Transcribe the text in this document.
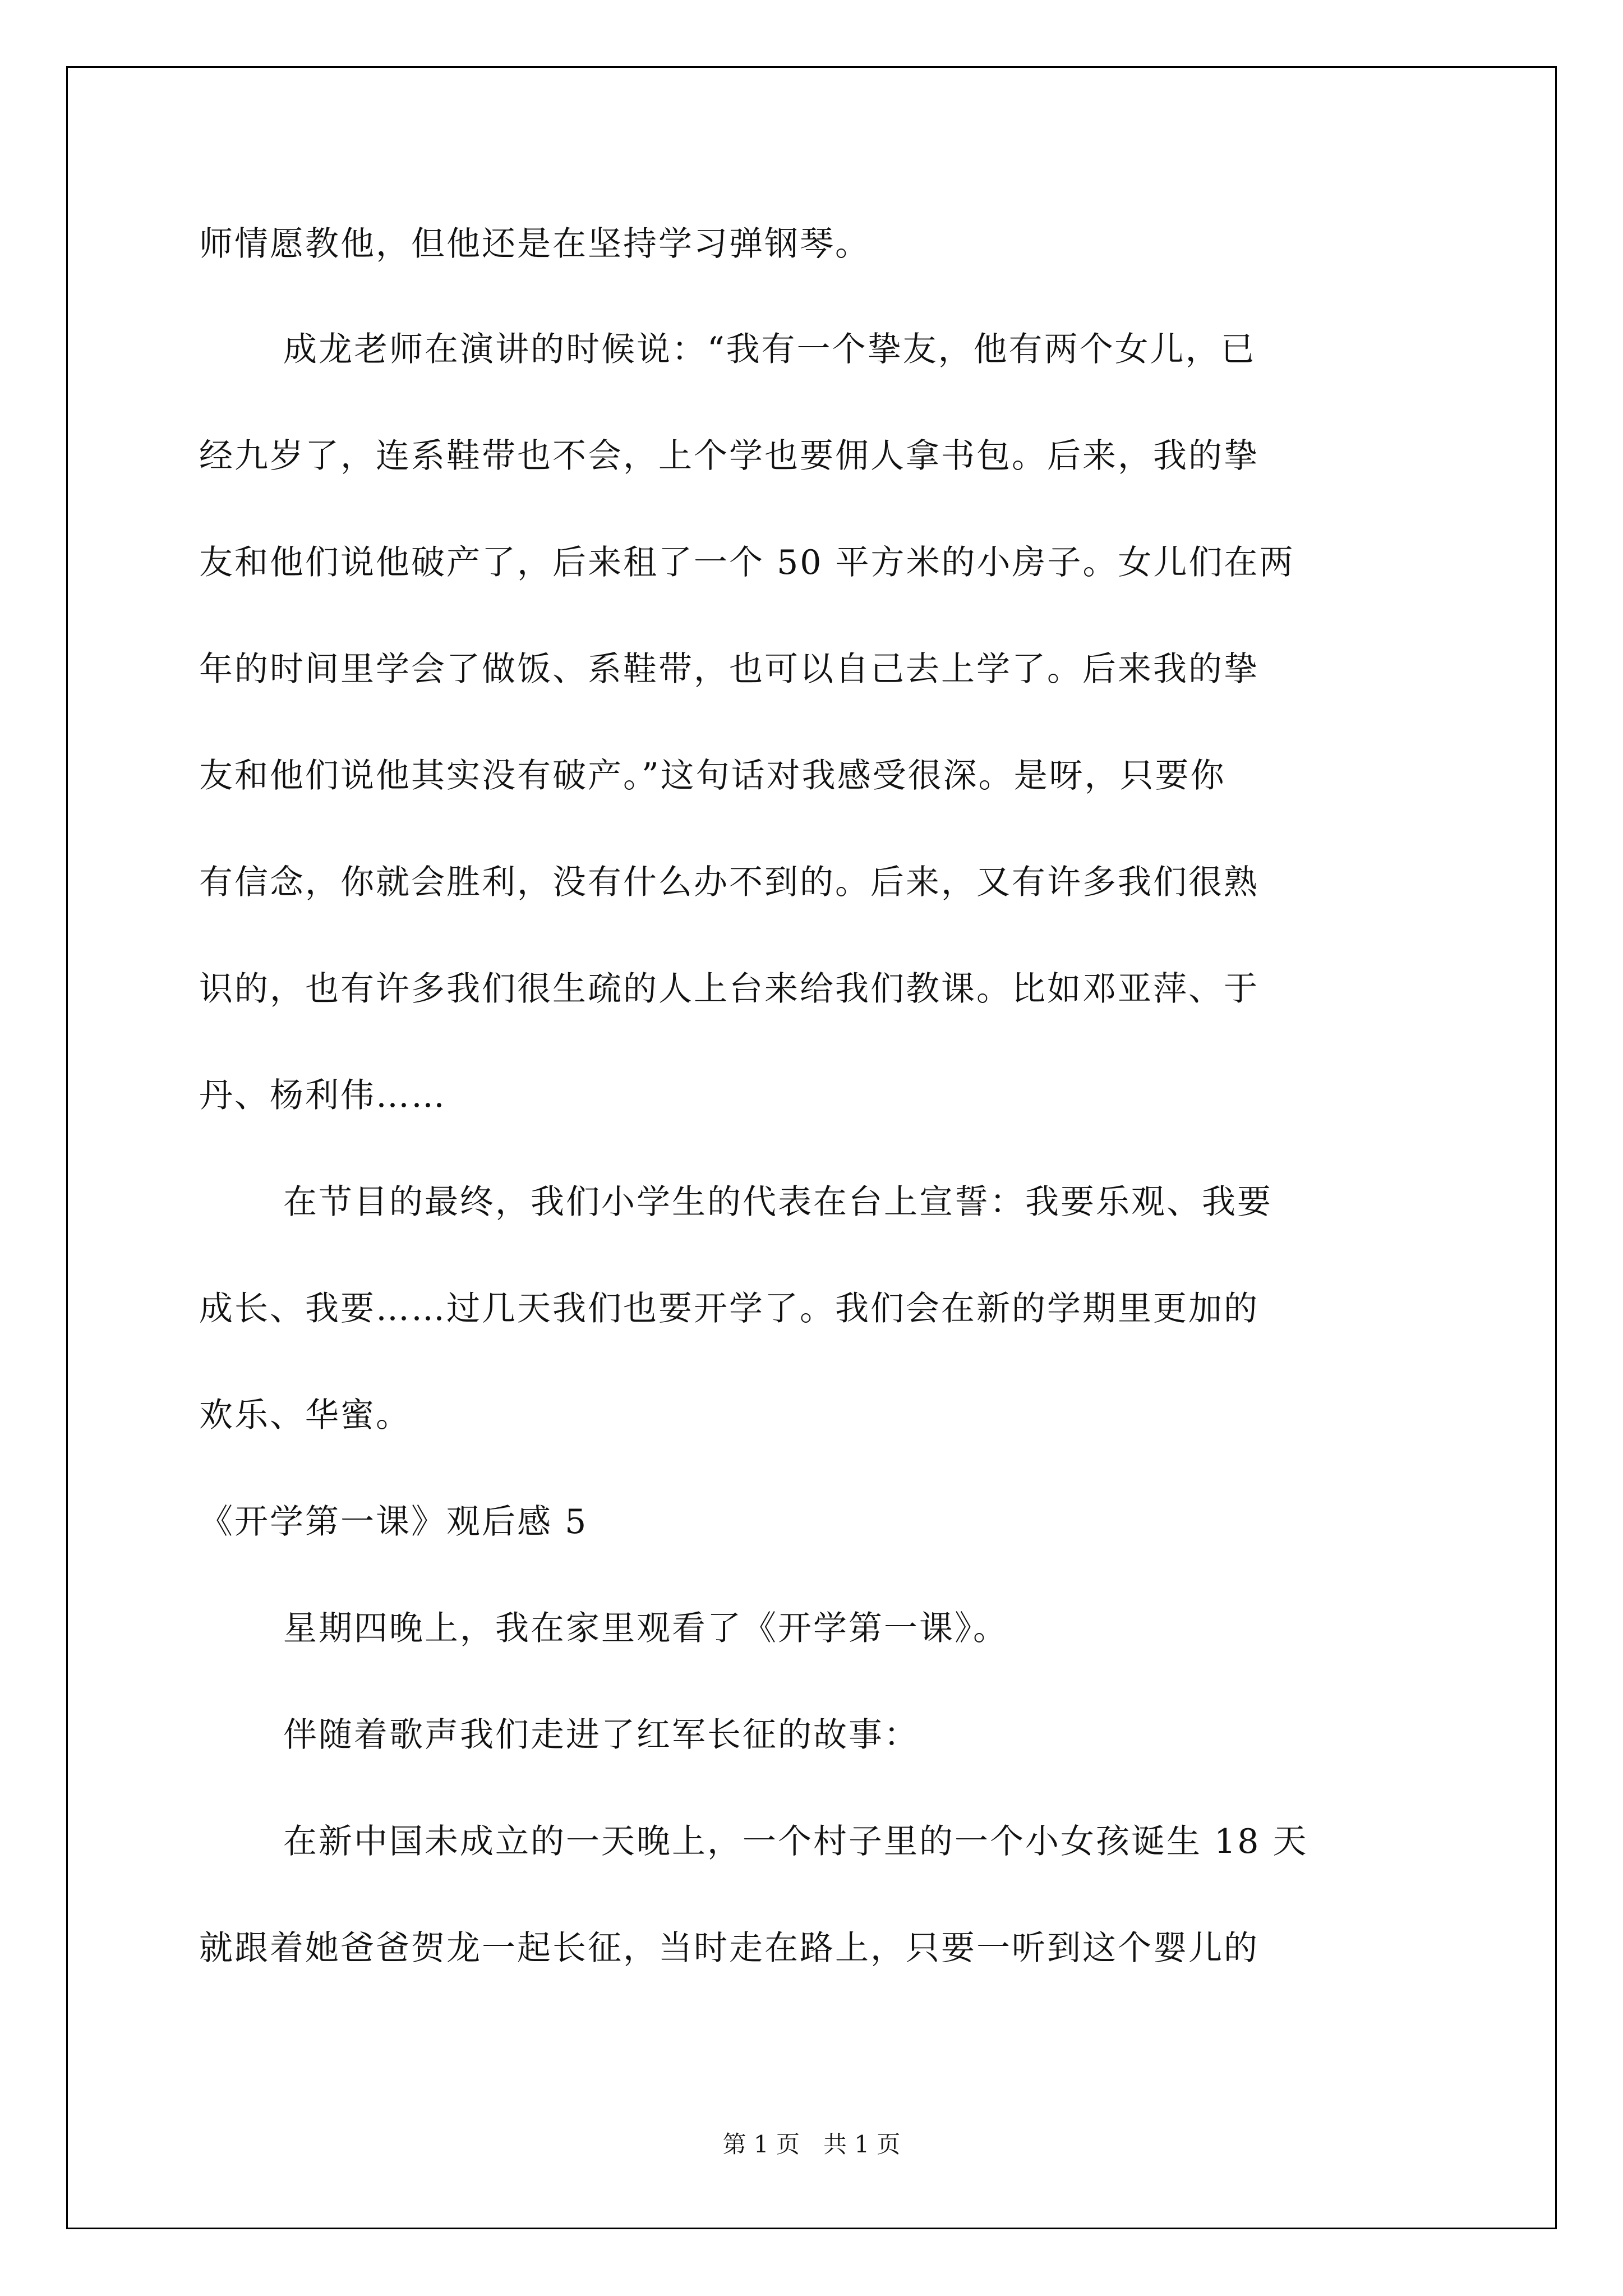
师情愿教他，但他还是在坚持学习弹钢琴。
成龙老师在演讲的时候说：“我有一个挚友，他有两个女儿，已
经九岁了，连系鞋带也不会，上个学也要佣人拿书包。后来，我的挚
友和他们说他破产了，后来租了一个 50 平方米的小房子。女儿们在两
年的时间里学会了做饭、系鞋带，也可以自己去上学了。后来我的挚
友和他们说他其实没有破产。”这句话对我感受很深。是呀，只要你
有信念，你就会胜利，没有什么办不到的。后来，又有许多我们很熟
识的，也有许多我们很生疏的人上台来给我们教课。比如邓亚萍、于
丹、杨利伟……
在节目的最终，我们小学生的代表在台上宣誓：我要乐观、我要
成长、我要……过几天我们也要开学了。我们会在新的学期里更加的
欢乐、华蜜。
《开学第一课》观后感 5
星期四晚上，我在家里观看了《开学第一课》。
伴随着歌声我们走进了红军长征的故事：
在新中国未成立的一天晚上，一个村子里的一个小女孩诞生 18 天
就跟着她爸爸贺龙一起长征，当时走在路上，只要一听到这个婴儿的
第 1 页　共 1 页
